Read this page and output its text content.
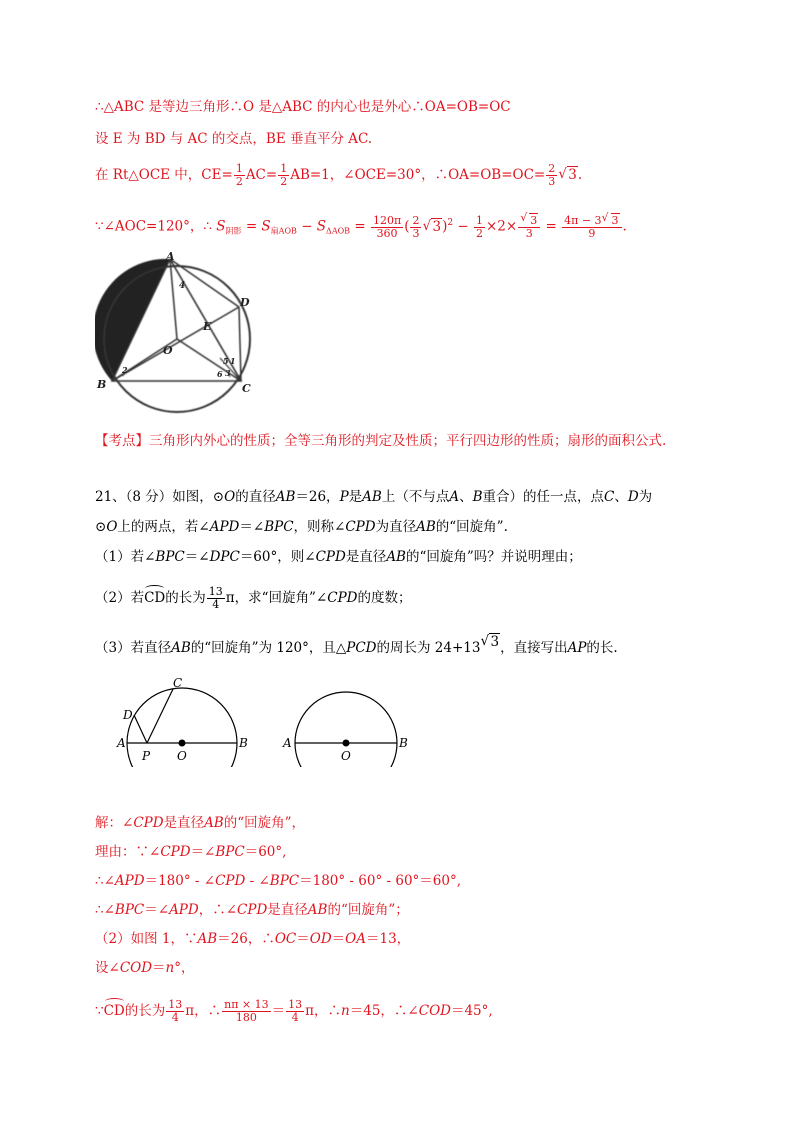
∴△ABC 是等边三角形∴O 是△ABC 的内心也是外心∴OA=OB=OC
设 E 为 BD 与 AC 的交点，BE 垂直平分 AC.
在 Rt△OCE 中，$CE= \frac{1}{2} AC= \frac{1}{2} AB=1$，∠OCE=30°，∴OA=OB=OC= $\frac{2}{3}$ √ 3.
∵∠AOC=120°，∴ $S_{阴影} = S_{扇AOB} - S_{\Delta AOB} = \frac{120\pi}{360}$ ( $\frac{2}{3}$ √ $3)^2 - \frac{1}{2} \times 2\times$ √ $\frac{3}{3} = \frac{4\pi - 3 √ 3}{9}$ .
A
B	C
D
O
E
4
5 1
3
6
2
【考点】三角形内外心的性质；全等三角形的判定及性质；平行四边形的性质；扇形的面积公式.
21、（8 分）如图，⊙O的直径AB＝26，P是AB上（不与点A、B重合）的任一点，点C、D为
⊙O上的两点，若∠APD＝∠BPC，则称∠CPD为直径AB的“回旋角”.
（1）若∠BPC＝∠DPC＝60°，则∠CPD是直径AB的“回旋角”吗？并说明理由；
（2）若CD的长为 $\frac{13}{4}$ π，求“回旋角”∠CPD的度数；
（3）若直径AB的“回旋角”为 120°，且△PCD的周长为 24+13 √ 3，直接写出AP的长.
A	B
C
D
P O
A	B
O
解：∠CPD是直径AB的“回旋角”，
理由：∵∠CPD＝∠BPC＝60°,
∴∠APD＝180° - ∠CPD - ∠BPC＝180° - 60° - 60°＝60°,
∴∠BPC＝∠APD，∴∠CPD是直径AB的“回旋角”；
（2）如图 1，∵AB＝26，∴OC＝OD＝OA＝13，
设∠COD＝n°，
∵CD的长为 $\frac{13}{4}$ π，∴ $\frac{n\pi \times 13}{180} = \frac{13}{4}$ π，∴n＝45，∴∠COD＝45°,
